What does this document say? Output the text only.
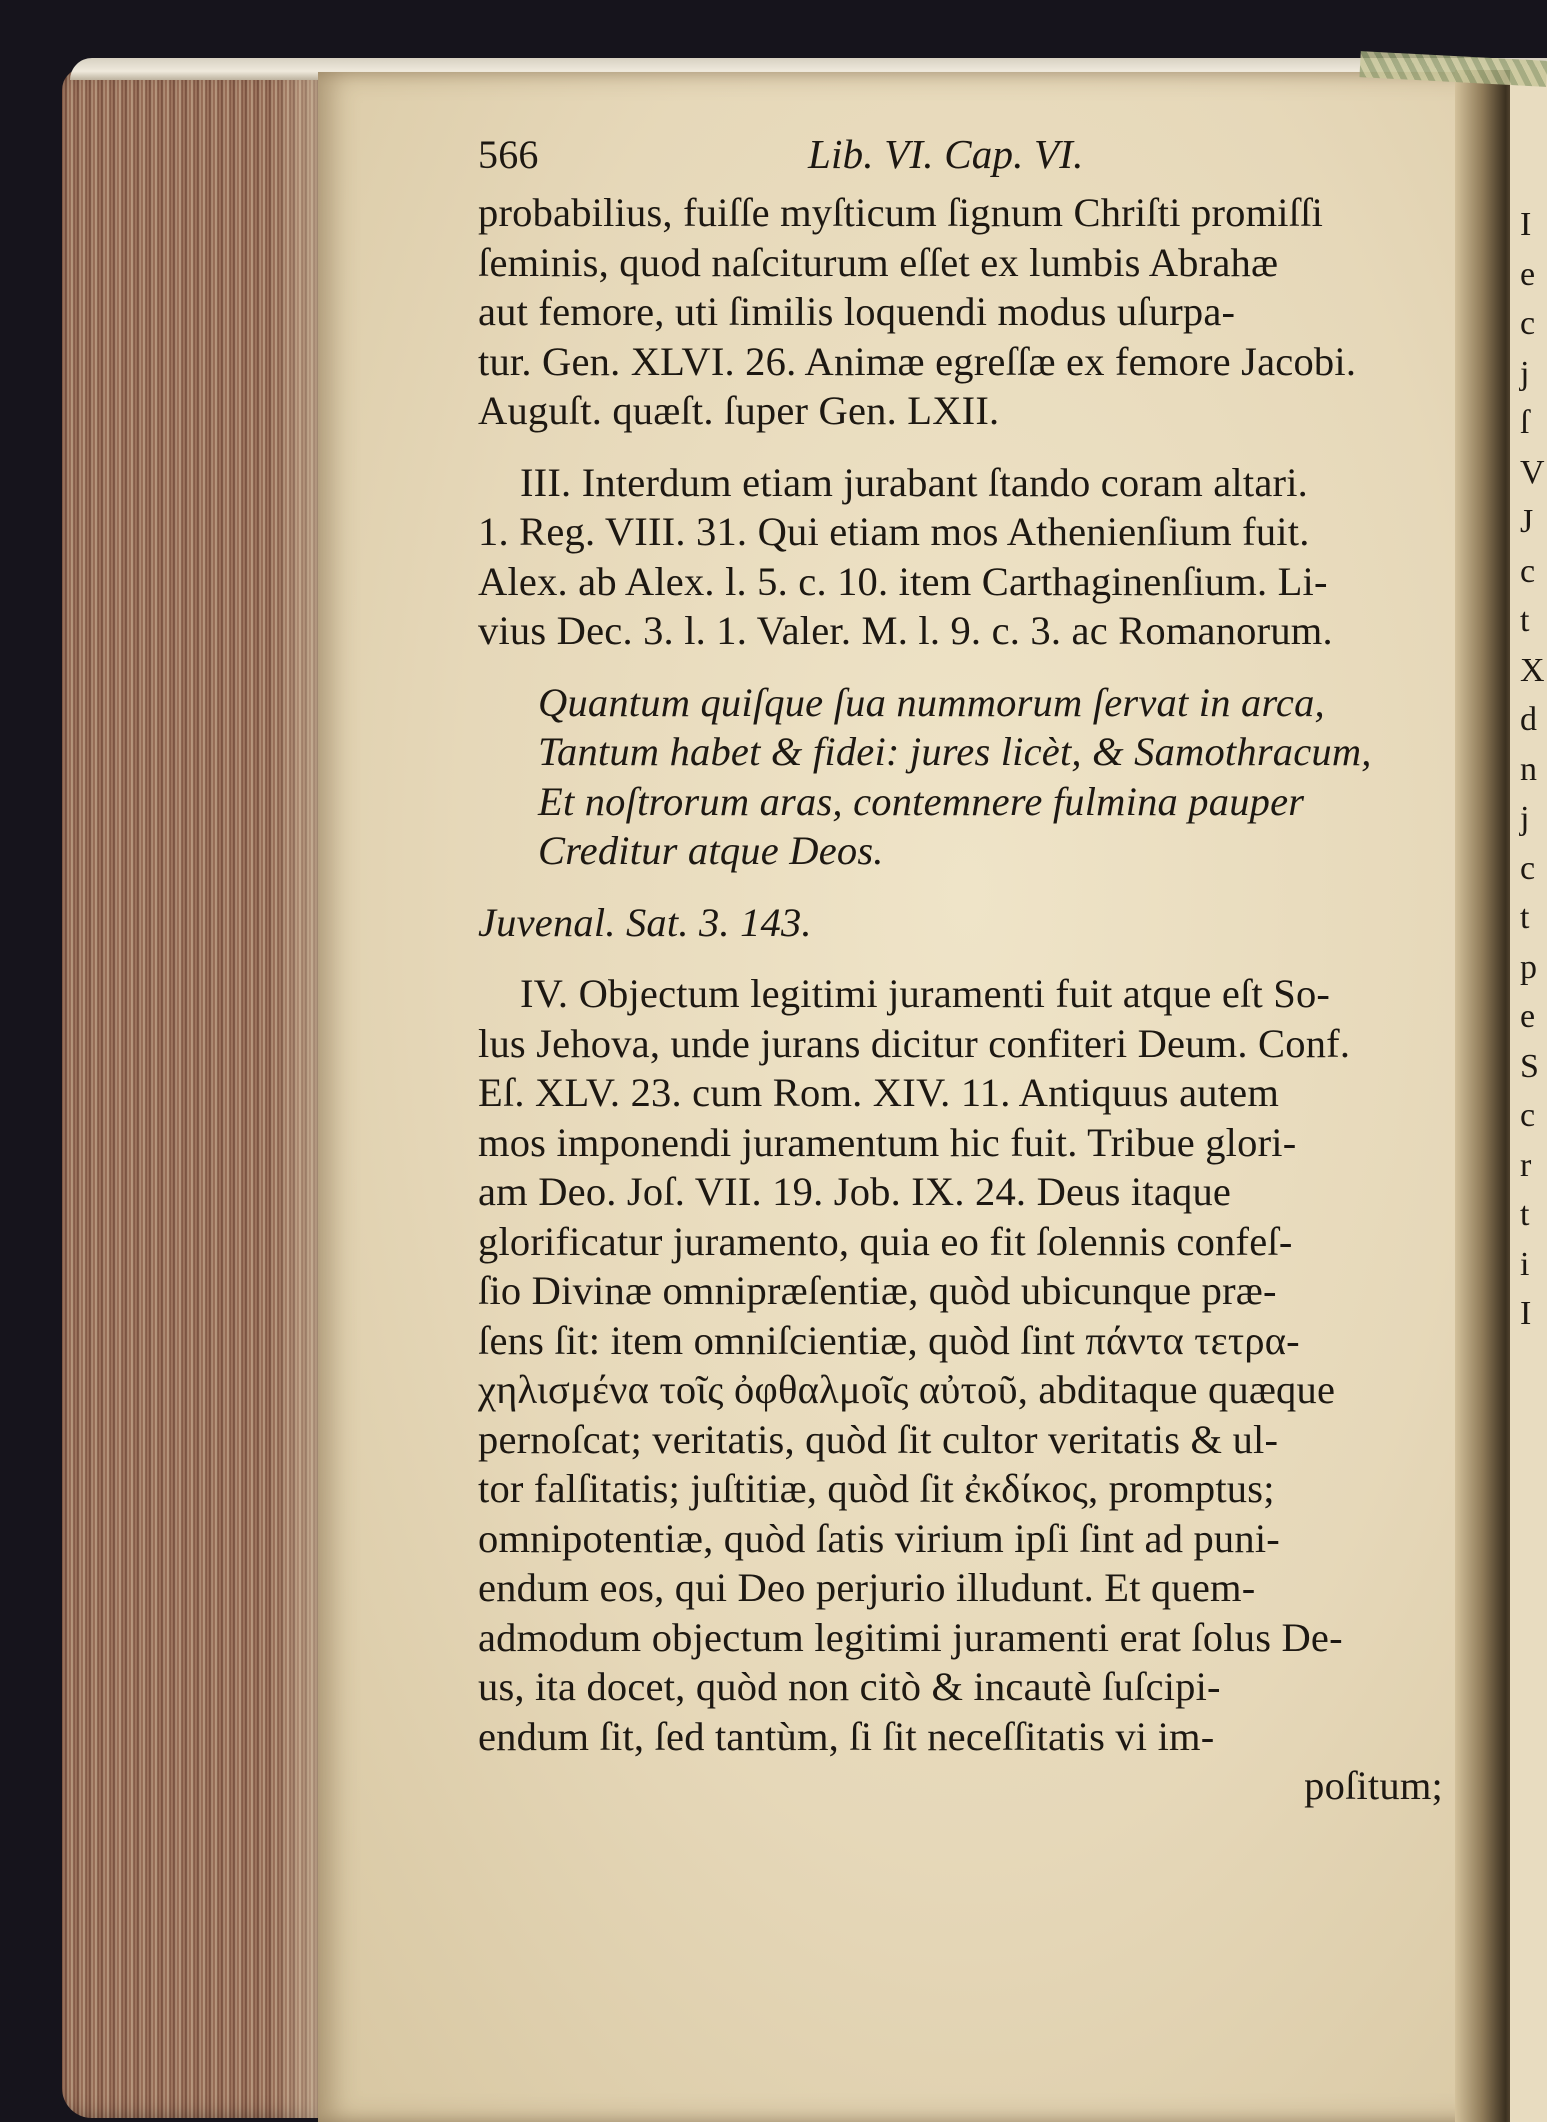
566	Lib. VI. Cap. VI.
probabilius, fuiſſe myſticum ſignum Chriſti promiſſi
ſeminis, quod naſciturum eſſet ex lumbis Abrahæ
aut femore, uti ſimilis loquendi modus uſurpa-
tur. Gen. XLVI. 26. Animæ egreſſæ ex femore Jacobi.
Auguſt. quæſt. ſuper Gen. LXII.
III. Interdum etiam jurabant ſtando coram altari.
1. Reg. VIII. 31. Qui etiam mos Athenienſium fuit.
Alex. ab Alex. l. 5. c. 10. item Carthaginenſium. Li-
vius Dec. 3. l. 1. Valer. M. l. 9. c. 3. ac Romanorum.
Quantum quiſque ſua nummorum ſervat in arca,
Tantum habet & fidei: jures licèt, & Samothracum,
Et noſtrorum aras, contemnere fulmina pauper
Creditur atque Deos.
Juvenal. Sat. 3. 143.
IV. Objectum legitimi juramenti fuit atque eſt So-
lus Jehova, unde jurans dicitur confiteri Deum. Conf.
Eſ. XLV. 23. cum Rom. XIV. 11. Antiquus autem
mos imponendi juramentum hic fuit. Tribue glori-
am Deo. Joſ. VII. 19. Job. IX. 24. Deus itaque
glorificatur juramento, quia eo fit ſolennis confeſ-
ſio Divinæ omnipræſentiæ, quòd ubicunque præ-
ſens ſit: item omniſcientiæ, quòd ſint πάντα τετρα-
χηλισμένα τοῖς ὀφθαλμοῖς αὐτοῦ, abditaque quæque
pernoſcat; veritatis, quòd ſit cultor veritatis & ul-
tor falſitatis; juſtitiæ, quòd ſit ἐκδίκος, promptus;
omnipotentiæ, quòd ſatis virium ipſi ſint ad puni-
endum eos, qui Deo perjurio illudunt. Et quem-
admodum objectum legitimi juramenti erat ſolus De-
us, ita docet, quòd non citò & incautè ſuſcipi-
endum ſit, ſed tantùm, ſi ſit neceſſitatis vi im-
poſitum;
I
e
c
j
ſ
V
J
c
t
X
d
n
j
c
t
p
e
S
c
r
t
i
I
